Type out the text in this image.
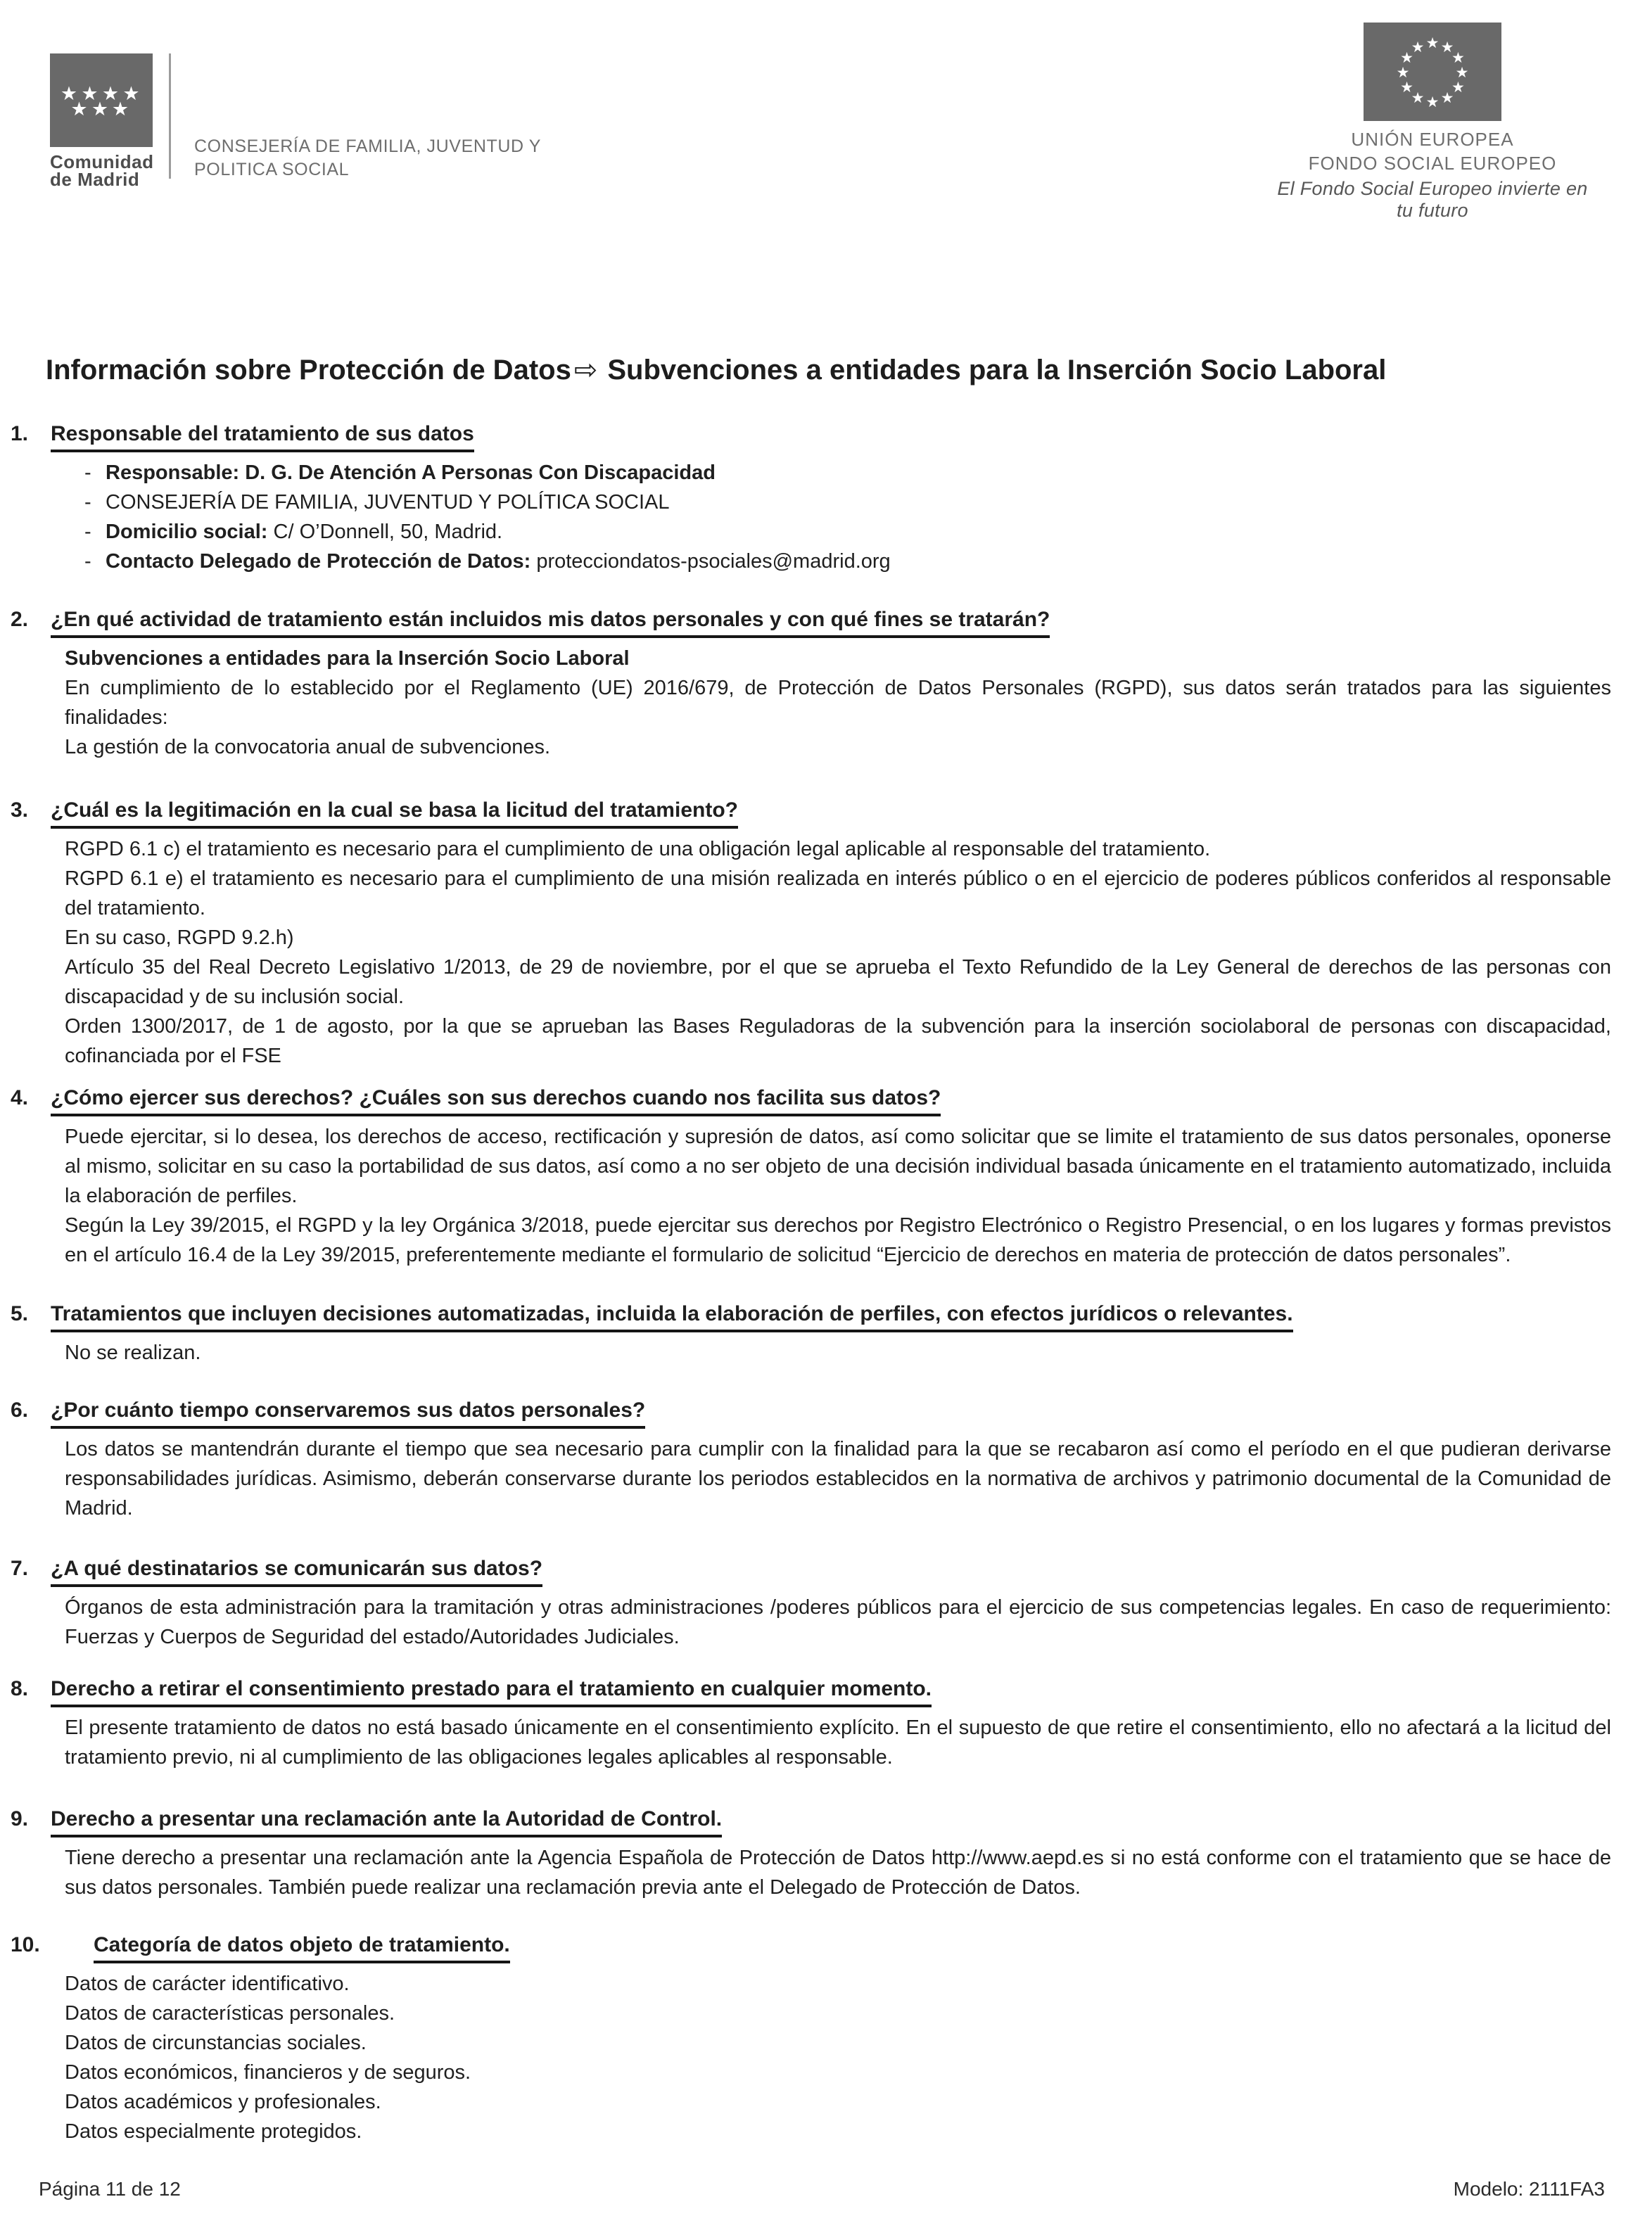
★ ★ ★ ★
★ ★ ★
Comunidad
de Madrid
CONSEJERÍA DE FAMILIA, JUVENTUD Y
POLITICA SOCIAL
★ ★
★
★
★
★
★
★
★
★
★
★
UNIÓN EUROPEA
FONDO SOCIAL EUROPEO
El Fondo Social Europeo invierte en tu futuro
Información sobre Protección de Datos ⇨ Subvenciones a entidades para la Inserción Socio Laboral
1.	Responsable del tratamiento de sus datos
- Responsable: D. G. De Atención A Personas Con Discapacidad
- CONSEJERÍA DE FAMILIA, JUVENTUD Y POLÍTICA SOCIAL
- Domicilio social: C/ O’Donnell, 50, Madrid.
- Contacto Delegado de Protección de Datos: protecciondatos-psociales@madrid.org
2.	¿En qué actividad de tratamiento están incluidos mis datos personales y con qué fines se tratarán?

Subvenciones a entidades para la Inserción Socio Laboral

En cumplimiento de lo establecido por el Reglamento (UE) 2016/679, de Protección de Datos Personales (RGPD), sus datos serán tratados para las siguientes finalidades:

La gestión de la convocatoria anual de subvenciones.

3.	¿Cuál es la legitimación en la cual se basa la licitud del tratamiento?

RGPD 6.1 c) el tratamiento es necesario para el cumplimiento de una obligación legal aplicable al responsable del tratamiento.

RGPD 6.1 e) el tratamiento es necesario para el cumplimiento de una misión realizada en interés público o en el ejercicio de poderes públicos conferidos al responsable del tratamiento.

En su caso, RGPD 9.2.h)

Artículo 35 del Real Decreto Legislativo 1/2013, de 29 de noviembre, por el que se aprueba el Texto Refundido de la Ley General de derechos de las personas con discapacidad y de su inclusión social.

Orden 1300/2017, de 1 de agosto, por la que se aprueban las Bases Reguladoras de la subvención para la inserción sociolaboral de personas con discapacidad, cofinanciada por el FSE

4.	¿Cómo ejercer sus derechos? ¿Cuáles son sus derechos cuando nos facilita sus datos?

Puede ejercitar, si lo desea, los derechos de acceso, rectificación y supresión de datos, así como solicitar que se limite el tratamiento de sus datos personales, oponerse al mismo, solicitar en su caso la portabilidad de sus datos, así como a no ser objeto de una decisión individual basada únicamente en el tratamiento automatizado, incluida la elaboración de perfiles.

Según la Ley 39/2015, el RGPD y la ley Orgánica 3/2018, puede ejercitar sus derechos por Registro Electrónico o Registro Presencial, o en los lugares y formas previstos en el artículo 16.4 de la Ley 39/2015, preferentemente mediante el formulario de solicitud “Ejercicio de derechos en materia de protección de datos personales”.

5.	Tratamientos que incluyen decisiones automatizadas, incluida la elaboración de perfiles, con efectos jurídicos o relevantes.

No se realizan.

6.	¿Por cuánto tiempo conservaremos sus datos personales?

Los datos se mantendrán durante el tiempo que sea necesario para cumplir con la finalidad para la que se recabaron así como el período en el que pudieran derivarse responsabilidades jurídicas. Asimismo, deberán conservarse durante los periodos establecidos en la normativa de archivos y patrimonio documental de la Comunidad de Madrid.

7.	¿A qué destinatarios se comunicarán sus datos?

Órganos de esta administración para la tramitación y otras administraciones /poderes públicos para el ejercicio de sus competencias legales. En caso de requerimiento: Fuerzas y Cuerpos de Seguridad del estado/Autoridades Judiciales.

8.	Derecho a retirar el consentimiento prestado para el tratamiento en cualquier momento.

El presente tratamiento de datos no está basado únicamente en el consentimiento explícito. En el supuesto de que retire el consentimiento, ello no afectará a la licitud del tratamiento previo, ni al cumplimiento de las obligaciones legales aplicables al responsable.

9.	Derecho a presentar una reclamación ante la Autoridad de Control.

Tiene derecho a presentar una reclamación ante la Agencia Española de Protección de Datos http://www.aepd.es si no está conforme con el tratamiento que se hace de sus datos personales. También puede realizar una reclamación previa ante el Delegado de Protección de Datos.

10.	Categoría de datos objeto de tratamiento.

Datos de carácter identificativo.

Datos de características personales.

Datos de circunstancias sociales.

Datos económicos, financieros y de seguros.

Datos académicos y profesionales.

Datos especialmente protegidos.

Página 11 de 12	Modelo: 2111FA3
